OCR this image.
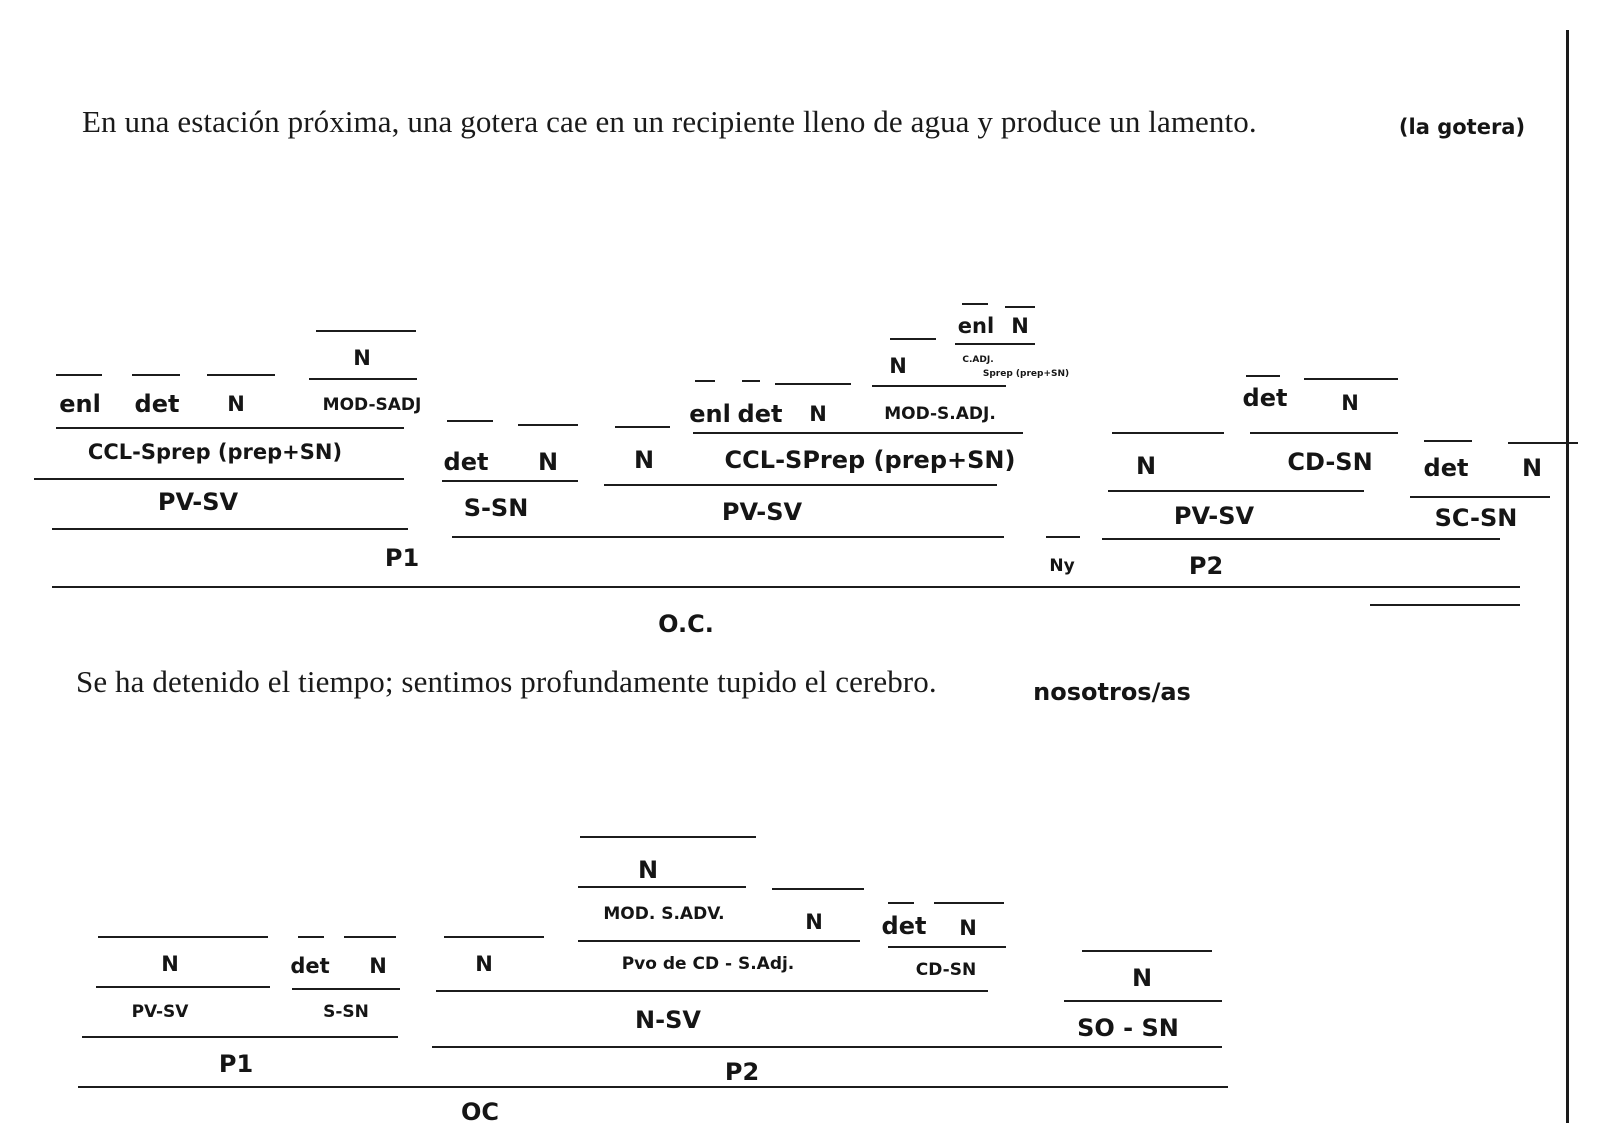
En una estación próxima, una gotera cae en un recipiente lleno de agua y produce un lamento.	(la gotera)
N
enl det N	MOD-SADJ
CCL-Sprep (prep+SN)
PV-SV
det N
S-SN
N
enl N
N	C.ADJ.
Sprep (prep+SN)
enl det N	MOD-S.ADJ.
CCL-SPrep (prep+SN)
PV-SV
P1	Ny
det	N
N	CD-SN
PV-SV
P2
det N
SC-SN
O.C.
Se ha detenido el tiempo; sentimos profundamente tupido el cerebro.	nosotros/as
N
MOD. S.ADV.	N det N
N	det N	N	Pvo de CD - S.Adj.	CD-SN	N
PV-SV	S-SN	N-SV	SO - SN
P1	P2
OC
